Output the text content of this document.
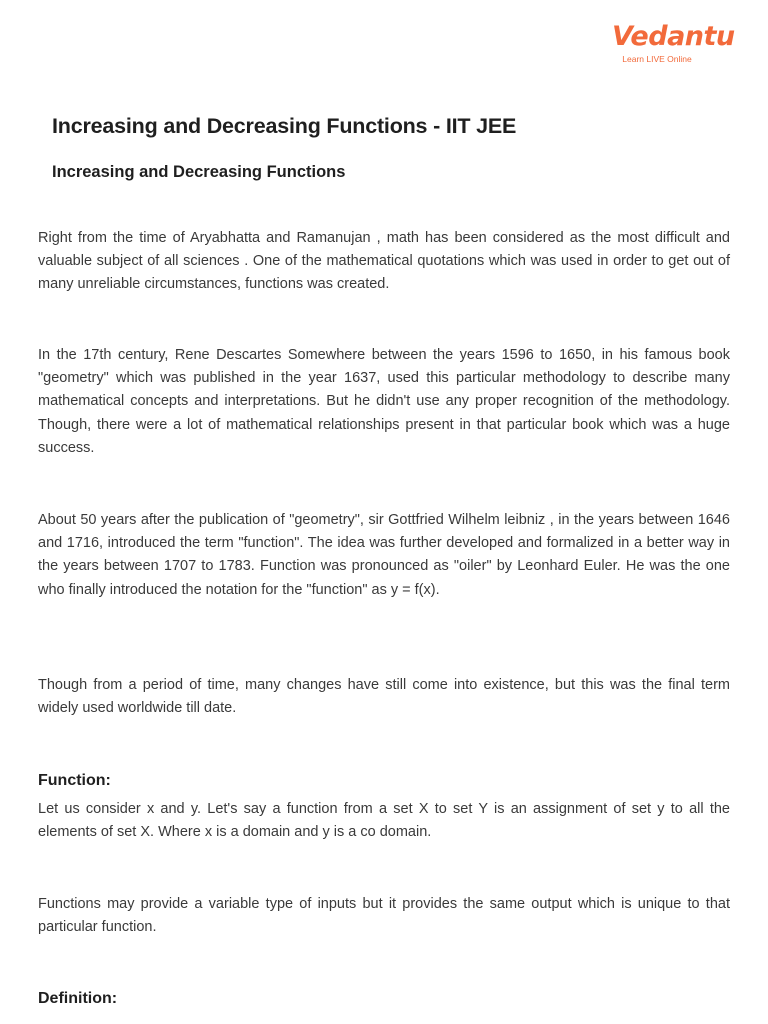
Vedantu
Learn LIVE Online
Increasing and Decreasing Functions - IIT JEE
Increasing and Decreasing Functions

Right from the time of Aryabhatta and Ramanujan , math has been considered as the most difficult and valuable subject of all sciences . One of the mathematical quotations which was used in order to get out of many unreliable circumstances, functions was created.

In the 17th century, Rene Descartes Somewhere between the years 1596 to 1650, in his famous book "geometry" which was published in the year 1637, used this particular methodology to describe many mathematical concepts and interpretations. But he didn't use any proper recognition of the methodology. Though, there were a lot of mathematical relationships present in that particular book which was a huge success.

About 50 years after the publication of "geometry", sir Gottfried Wilhelm leibniz , in the years between 1646 and 1716, introduced the term "function". The idea was further developed and formalized in a better way in the years between 1707 to 1783. Function was pronounced as "oiler" by Leonhard Euler. He was the one who finally introduced the notation for the "function" as y = f(x).

Though from a period of time, many changes have still come into existence, but this was the final term widely used worldwide till date.

Function:

Let us consider x and y. Let's say a function from a set X to set Y is an assignment of set y to all the elements of set X. Where x is a domain and y is a co domain.

Functions may provide a variable type of inputs but it provides the same output which is unique to that particular function.

Definition:
